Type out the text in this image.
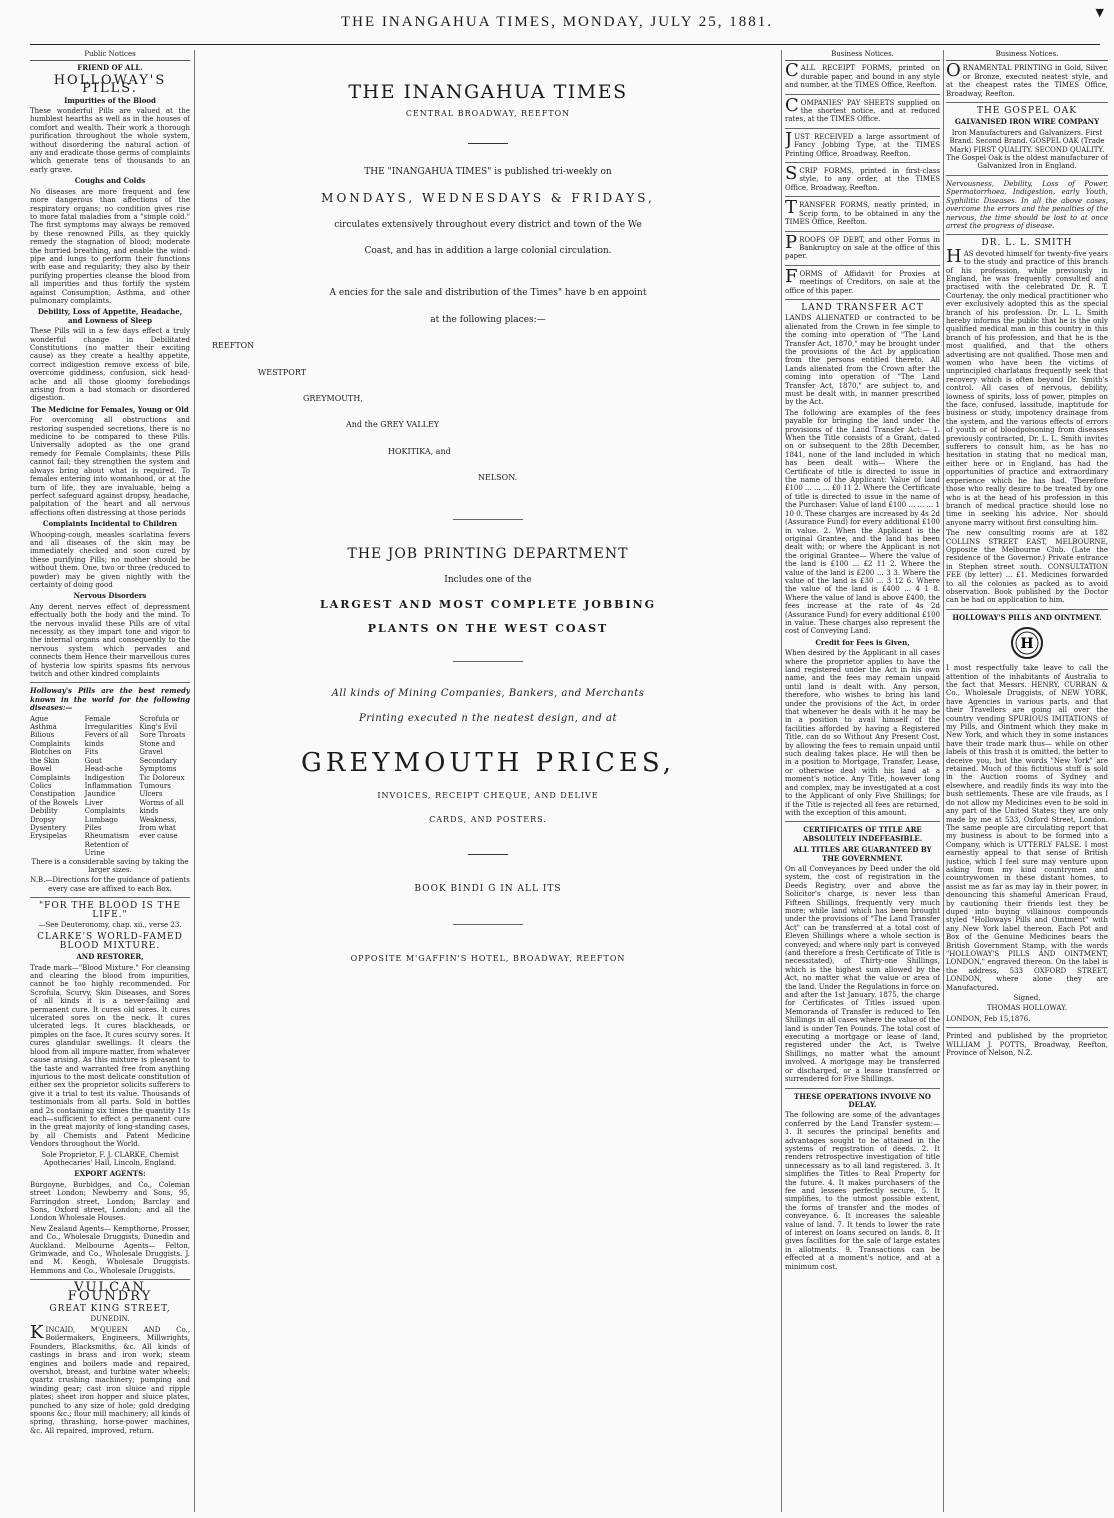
THE INANGAHUA TIMES, MONDAY, JULY 25, 1881.
▼
Public Notices
FRIEND OF ALL.
HOLLOWAY'S PILLS.
Impurities of the Blood

These wonderful Pills are valued at the humblest hearths as well as in the houses of comfort and wealth. Their work a thorough purification throughout the whole system, without disordering the natural action of any and eradicate those germs of complaints which generate tens of thousands to an early grave.

Coughs and Colds

No diseases are more frequent and few more dangerous than affections of the respiratory organs; no condition gives rise to more fatal maladies from a "simple cold." The first symptoms may always be removed by these renowned Pills, as they quickly remedy the stagnation of blood; moderate the hurried breathing, and enable the wind-pipe and lungs to perform their functions with ease and regularity; they also by their purifying properties cleanse the blood from all impurities and thus fortify the system against Consumption, Asthma, and other pulmonary complaints.

Debility, Loss of Appetite, Headache, and Lowness of Sleep

These Pills will in a few days effect a truly wonderful change in Debilitated Constitutions (no matter their exciting cause) as they create a healthy appetite, correct indigestion remove excess of bile, overcome giddiness, confusion, sick head-ache and all those gloomy forebodings arising from a bad stomach or disordered digestion.

The Medicine for Females, Young or Old

For overcoming all obstructions and restoring suspended secretions, there is no medicine to be compared to these Pills. Universally adopted as the one grand remedy for Female Complaints, these Pills cannot fail; they strengthen the system and always bring about what is required. To females entering into womanhood, or at the turn of life, they are invaluable, being a perfect safeguard against dropsy, headache, palpitation of the heart and all nervous affections often distressing at those periods

Complaints Incidental to Children

Whooping-cough, measles scarlatina fevers and all diseases of the skin may be immediately checked and soon cured by these purifying Pills; no mother should be without them. One, two or three (reduced to powder) may be given nightly with the certainty of doing good

Nervous Disorders

Any derent nerves effect of depressment effectually both the body and the mind. To the nervous invalid these Pills are of vital necessity, as they impart tone and vigor to the internal organs and consequently to the nervous system which pervades and connects them Hence their marvellous cures of hysteria low spirits spasms fits nervous twitch and other kindred complaints

Holloway's Pills are the best remedy known in the world for the following diseases:—

Ague
Asthma
Bilious Complaints
Blotches on the Skin
Bowel Complaints
Colics
Constipation of the Bowels
Debility
Dropsy
Dysentery
Erysipelas
Female Irregularities
Fevers of all kinds
Fits
Gout
Head-ache
Indigestion
Inflammation
Jaundice
Liver Complaints
Lumbago
Piles
Rheumatism
Retention of Urine
Scrofula or King's Evil
Sore Throats
Stone and Gravel
Secondary Symptoms
Tic Doloreux
Tumours
Ulcers
Worms of all kinds
Weakness, from what ever cause

There is a considerable saving by taking the larger sizes.

N.B.—Directions for the guidance of patients every case are affixed to each Box.

"FOR THE BLOOD IS THE LIFE."

—See Deuteronomy, chap. xii., verse 23.

CLARKE'S WORLD-FAMED BLOOD MIXTURE.
AND RESTORER,

Trade mark—"Blood Mixture." For cleansing and clearing the blood from impurities, cannot be too highly recommended. For Scrofula, Scurvy, Skin Diseases, and Sores of all kinds it is a never-failing and permanent cure. It cures old sores. It cures ulcerated sores on the neck. It cures ulcerated legs. It cures blackheads, or pimples on the face. It cures scurvy sores. It cures glandular swellings. It clears the blood from all impure matter, from whatever cause arising. As this mixture is pleasant to the taste and warranted free from anything injurious to the most delicate constitution of either sex the proprietor solicits sufferers to give it a trial to test its value. Thousands of testimonials from all parts. Sold in bottles and 2s containing six times the quantity 11s each—sufficient to effect a permanent cure in the great majority of long-standing cases, by all Chemists and Patent Medicine Vendors throughout the World.

Sole Proprietor, F. J. CLARKE, Chemist Apothecaries' Hall, Lincoln, England.

EXPORT AGENTS:

Burgoyne, Burbidges, and Co., Coleman street London; Newberry and Sons, 95, Farringdon street, London; Barclay and Sons, Oxford street, London; and all the London Wholesale Houses.

New Zealand Agents— Kempthorne, Prosser, and Co., Wholesale Druggists, Dunedin and Auckland. Melbourne Agents— Felton, Grimwade, and Co., Wholesale Druggists. J. and M. Keogh, Wholesale Druggists. Hemmons and Co., Wholesale Druggists.

VULCAN FOUNDRY
GREAT KING STREET,

DUNEDIN.

KINCAID, M'QUEEN AND Co., Boilermakers, Engineers, Millwrights, Founders, Blacksmiths, &c. All kinds of castings in brass and iron work; steam engines and boilers made and repaired, overshot, breast, and turbine water wheels; quartz crushing machinery; pumping and winding gear; cast iron sluice and ripple plates; sheet iron hopper and sluice plates, punched to any size of hole; gold dredging spoons &c.; flour mill machinery; all kinds of spring, thrashing, horse-power machines, &c. All repaired, improved, return.

THE INANGAHUA TIMES
CENTRAL BROADWAY, REEFTON
THE "INANGAHUA TIMES" is published tri-weekly on
MONDAYS, WEDNESDAYS & FRIDAYS,
circulates extensively throughout every district and town of the We
Coast, and has in addition a large colonial circulation.
A encies for the sale and distribution of the Times" have b en appoint
at the following places:—
REEFTON
WESTPORT
GREYMOUTH,
And the GREY VALLEY
HOKITIKA, and
NELSON.
THE JOB PRINTING DEPARTMENT
Includes one of the
LARGEST AND MOST COMPLETE JOBBING
PLANTS ON THE WEST COAST
All kinds of Mining Companies, Bankers, and Merchants
Printing executed n the neatest design, and at
GREYMOUTH PRICES,
INVOICES, RECEIPT CHEQUE, AND DELIVE
CARDS, AND POSTERS.
BOOK BINDI G IN ALL ITS
OPPOSITE M'GAFFIN'S HOTEL, BROADWAY, REEFTON
Business Notices.

CALL RECEIPT FORMS, printed on durable paper, and bound in any style and number, at the TIMES Office, Reefton.

COMPANIES' PAY SHEETS supplied on the shortest notice, and at reduced rates, at the TIMES Office.

JUST RECEIVED a large assortment of Fancy Jobbing Type, at the TIMES Printing Office, Broadway, Reefton.

SCRIP FORMS, printed in first-class style, to any order, at the TIMES Office, Broadway, Reefton.

TRANSFER FORMS, neatly printed, in Scrip form, to be obtained in any the TIMES Office, Reefton.

PROOFS OF DEBT, and other Forms in Bankruptcy on sale at the office of this paper.

FORMS of Affidavit for Proxies at meetings of Creditors, on sale at the office of this paper.

LAND TRANSFER ACT

LANDS ALIENATED or contracted to be alienated from the Crown in fee simple to the coming into operation of "The Land Transfer Act, 1870," may be brought under the provisions of the Act by application from the persons entitled thereto. All Lands alienated from the Crown after the coming into operation of "The Land Transfer Act, 1870," are subject to, and must be dealt with, in manner prescribed by the Act.

The following are examples of the fees payable for bringing the land under the provisions of the Land Transfer Act:— 1. When the Title consists of a Grant, dated on or subsequent to the 28th December, 1841, none of the land included in which has been dealt with— Where the Certificate of title is directed to issue in the name of the Applicant: Value of land £100 ... ... ... £0 11 2. Where the Certificate of title is directed to issue in the name of the Purchaser: Value of land £100 ... ... ... 1 10 0. These charges are increased by 4s 2d (Assurance Fund) for every additional £100 in value. 2. When the Applicant is the original Grantee, and the land has been dealt with; or where the Applicant is not the original Grantee— Where the value of the land is £100 ... £2 11 2. Where the value of the land is £200 ... 3 3. Where the value of the land is £30 ... 3 12 6. Where the value of the land is £400 ... 4 1 8. Where the value of land is above £400, the fees increase at the rate of 4s 2d (Assurance Fund) for every additional £100 in value. These charges also represent the cost of Conveying Land.

Credit for Fees is Given,

When desired by the Applicant in all cases where the proprietor applies to have the land registered under the Act in his own name, and the fees may remain unpaid until land is dealt with. Any person, therefore, who wishes to bring his land under the provisions of the Act, in order that whenever he deals with it he may be in a position to avail himself of the facilities afforded by having a Registered Title, can do so Without Any Present Cost, by allowing the fees to remain unpaid until such dealing takes place. He will then be in a position to Mortgage, Transfer, Lease, or otherwise deal with his land at a moment's notice. Any Title, however long and complex, may be investigated at a cost to the Applicant of only Five Shillings; for if the Title is rejected all fees are returned, with the exception of this amount.

CERTIFICATES OF TITLE ARE ABSOLUTELY INDEFEASIBLE.
ALL TITLES ARE GUARANTEED BY THE GOVERNMENT.

On all Conveyances by Deed under the old system, the cost of registration in the Deeds Registry, over and above the Solicitor's charge, is never less than Fifteen Shillings, frequently very much more; while land which has been brought under the provisions of "The Land Transfer Act" can be transferred at a total cost of Eleven Shillings where a whole section is conveyed; and where only part is conveyed (and therefore a fresh Certificate of Title is necessitated), of Thirty-one Shillings, which is the highest sum allowed by the Act, no matter what the value or area of the land. Under the Regulations in force on and after the 1st January, 1875, the charge for Certificates of Titles issued upon Memoranda of Transfer is reduced to Ten Shillings in all cases where the value of the land is under Ten Pounds. The total cost of executing a mortgage or lease of land, registered under the Act, is Twelve Shillings, no matter what the amount involved. A mortgage may be transferred or discharged, or a lease transferred or surrendered for Five Shillings.

THESE OPERATIONS INVOLVE NO DELAY.

The following are some of the advantages conferred by the Land Transfer system:— 1. It secures the principal benefits and advantages sought to be attained in the systems of registration of deeds. 2. It renders retrospective investigation of title unnecessary as to all land registered. 3. It simplifies the Titles to Real Property for the future. 4. It makes purchasers of the fee and lessees perfectly secure. 5. It simplifies, to the utmost possible extent, the forms of transfer and the modes of conveyance. 6. It increases the saleable value of land. 7. It tends to lower the rate of interest on loans secured on lands. 8. It gives facilities for the sale of large estates in allotments. 9. Transactions can be effected at a moment's notice, and at a minimum cost.

Business Notices.

ORNAMENTAL PRINTING in Gold, Silver, or Bronze, executed neatest style, and at the cheapest rates the TIMES Office, Broadway, Reefton.

THE GOSPEL OAK
GALVANISED IRON WIRE COMPANY

Iron Manufacturers and Galvanizers. First Brand. Second Brand. GOSPEL OAK (Trade Mark) FIRST QUALITY. SECOND QUALITY. The Gospel Oak is the oldest manufacturer of Galvanized Iron in England.

Nervousness, Debility, Loss of Power, Spermatorrhoea, Indigestion, early Youth, Syphilitic Diseases. In all the above cases, overcome the errors and the penalties of the nervous, the time should be lost to at once arrest the progress of disease.

DR. L. L. SMITH

HAS devoted himself for twenty-five years to the study and practice of this branch of his profession, while previously in England, he was frequently consulted and practised with the celebrated Dr. R. T. Courtenay, the only medical practitioner who ever exclusively adopted this as the special branch of his profession. Dr. L. L. Smith hereby informs the public that he is the only qualified medical man in this country in this branch of his profession, and that he is the most qualified, and that the others advertising are not qualified. Those men and women who have been the victims of unprincipled charlatans frequently seek that recovery which is often beyond Dr. Smith's control. All cases of nervous, debility, lowness of spirits, loss of power, pimples on the face, confused, lassitude, inaptitude for business or study, impotency drainage from the system, and the various effects of errors of youth or of bloodpoisoning from diseases previously contracted, Dr. L. L. Smith invites sufferers to consult him, as he has no hesitation in stating that no medical man, either here or in England, has had the opportunities of practice and extraordinary experience which he has had. Therefore those who really desire to be treated by one who is at the head of his profession in this branch of medical practice should lose no time in seeking his advice. Nor should anyone marry without first consulting him.

The new consulting rooms are at 182 COLLINS STREET EAST, MELBOURNE, Opposite the Melbourne Club. (Late the residence of the Governor.) Private entrance in Stephen street south. CONSULTATION FEE (by letter) ... £1. Medicines forwarded to all the colonies as packed as to avoid observation. Book published by the Doctor can be had on application to him.

HOLLOWAY'S PILLS AND OINTMENT.
H

I most respectfully take leave to call the attention of the inhabitants of Australia to the fact that Messrs. HENRY, CURRAN & Co., Wholesale Druggists, of NEW YORK, have Agencies in various parts, and that their Travellers are going all over the country vending SPURIOUS IMITATIONS of my Pills, and Ointment which they make in New York, and which they in some instances have their trade mark thus— while on other labels of this trash it is omitted, the better to deceive you, but the words "New York" are retained. Much of this fictitious stuff is sold in the Auction rooms of Sydney and elsewhere, and readily finds its way into the bush settlements. These are vile frauds, as I do not allow my Medicines even to be sold in any part of the United States; they are only made by me at 533, Oxford Street, London. The same people are circulating report that my business is about to be formed into a Company, which is UTTERLY FALSE. I most earnestly appeal to that sense of British justice, which I feel sure may venture upon asking from my kind countrymen and countrywomen in these distant homes, to assist me as far as may lay in their power, in denouncing this shameful American Fraud, by cautioning their friends lest they be duped into buying villainous compounds styled "Holloways Pills and Ointment" with any New York label thereon. Each Pot and Box of the Genuine Medicines bears the British Government Stamp, with the words "HOLLOWAY'S PILLS AND OINTMENT, LONDON," engraved thereon. On the label is the address, 533 OXFORD STREET, LONDON, where alone they are Manufactured.

Signed,

THOMAS HOLLOWAY.

LONDON, Feb 15,1876.

Printed and published by the proprietor, WILLIAM J. POTTS, Broadway, Reefton, Province of Nelson, N.Z.
